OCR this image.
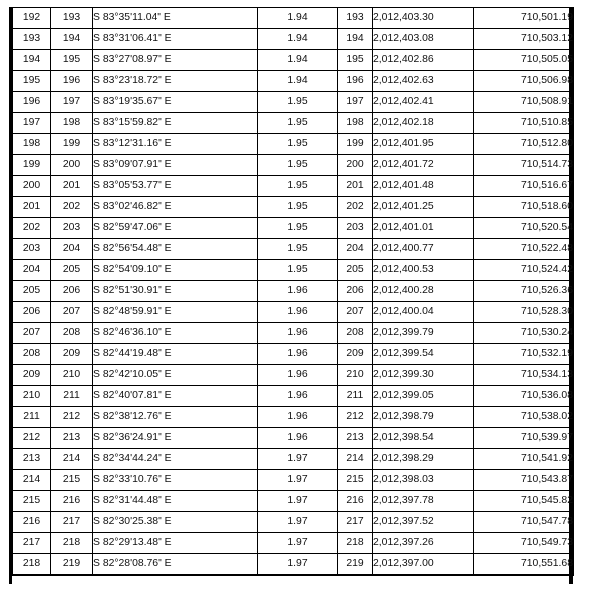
192	193	S 83°35'11.04" E	1.94	193	2,012,403.30	710,501.19
193	194	S 83°31'06.41" E	1.94	194	2,012,403.08	710,503.12
194	195	S 83°27'08.97" E	1.94	195	2,012,402.86	710,505.05
195	196	S 83°23'18.72" E	1.94	196	2,012,402.63	710,506.98
196	197	S 83°19'35.67" E	1.95	197	2,012,402.41	710,508.91
197	198	S 83°15'59.82" E	1.95	198	2,012,402.18	710,510.85
198	199	S 83°12'31.16" E	1.95	199	2,012,401.95	710,512.80
199	200	S 83°09'07.91" E	1.95	200	2,012,401.72	710,514.73
200	201	S 83°05'53.77" E	1.95	201	2,012,401.48	710,516.67
201	202	S 83°02'46.82" E	1.95	202	2,012,401.25	710,518.60
202	203	S 82°59'47.06" E	1.95	203	2,012,401.01	710,520.54
203	204	S 82°56'54.48" E	1.95	204	2,012,400.77	710,522.48
204	205	S 82°54'09.10" E	1.95	205	2,012,400.53	710,524.42
205	206	S 82°51'30.91" E	1.96	206	2,012,400.28	710,526.36
206	207	S 82°48'59.91" E	1.96	207	2,012,400.04	710,528.30
207	208	S 82°46'36.10" E	1.96	208	2,012,399.79	710,530.24
208	209	S 82°44'19.48" E	1.96	209	2,012,399.54	710,532.19
209	210	S 82°42'10.05" E	1.96	210	2,012,399.30	710,534.13
210	211	S 82°40'07.81" E	1.96	211	2,012,399.05	710,536.08
211	212	S 82°38'12.76" E	1.96	212	2,012,398.79	710,538.02
212	213	S 82°36'24.91" E	1.96	213	2,012,398.54	710,539.97
213	214	S 82°34'44.24" E	1.97	214	2,012,398.29	710,541.92
214	215	S 82°33'10.76" E	1.97	215	2,012,398.03	710,543.87
215	216	S 82°31'44.48" E	1.97	216	2,012,397.78	710,545.82
216	217	S 82°30'25.38" E	1.97	217	2,012,397.52	710,547.78
217	218	S 82°29'13.48" E	1.97	218	2,012,397.26	710,549.73
218	219	S 82°28'08.76" E	1.97	219	2,012,397.00	710,551.68
